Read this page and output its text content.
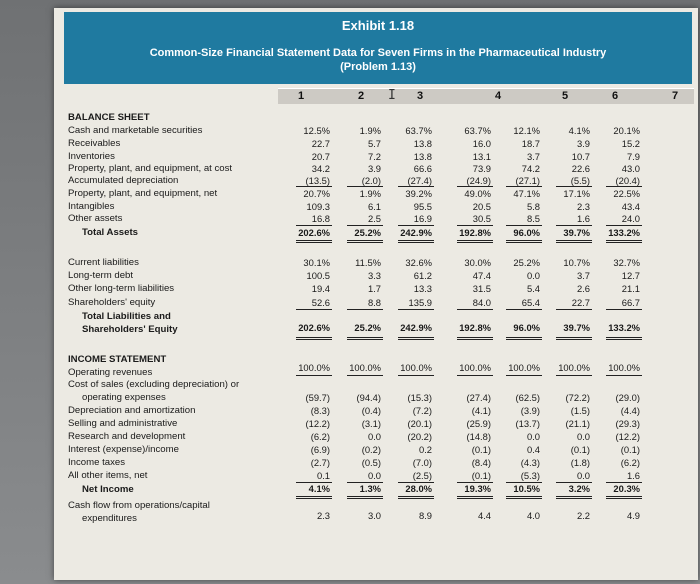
Exhibit 1.18
Common-Size Financial Statement Data for Seven Firms in the Pharmaceutical Industry
(Problem 1.13)
1	2	3	4	5	6	7
I
BALANCE SHEET
Cash and marketable securities	12.5%	1.9%	63.7%	63.7%	12.1%	4.1%	20.1%
Receivables	22.7	5.7	13.8	16.0	18.7	3.9	15.2
Inventories	20.7	7.2	13.8	13.1	3.7	10.7	7.9
Property, plant, and equipment, at cost	34.2	3.9	66.6	73.9	74.2	22.6	43.0
Accumulated depreciation	(13.5)	(2.0)	(27.4)	(24.9)	(27.1)	(5.5)	(20.4)
Property, plant, and equipment, net	20.7%	1.9%	39.2%	49.0%	47.1%	17.1%	22.5%
Intangibles	109.3	6.1	95.5	20.5	5.8	2.3	43.4
Other assets	16.8	2.5	16.9	30.5	8.5	1.6	24.0
Total Assets	202.6%	25.2%	242.9%	192.8%	96.0%	39.7%	133.2%
Current liabilities	30.1%	11.5%	32.6%	30.0%	25.2%	10.7%	32.7%
Long-term debt	100.5	3.3	61.2	47.4	0.0	3.7	12.7
Other long-term liabilities	19.4	1.7	13.3	31.5	5.4	2.6	21.1
Shareholders' equity	52.6	8.8	135.9	84.0	65.4	22.7	66.7
Total Liabilities and
Shareholders' Equity	202.6%	25.2%	242.9%	192.8%	96.0%	39.7%	133.2%
INCOME STATEMENT
Operating revenues	100.0%	100.0%	100.0%	100.0%	100.0%	100.0%	100.0%
Cost of sales (excluding depreciation) or
operating expenses	(59.7)	(94.4)	(15.3)	(27.4)	(62.5)	(72.2)	(29.0)
Depreciation and amortization	(8.3)	(0.4)	(7.2)	(4.1)	(3.9)	(1.5)	(4.4)
Selling and administrative	(12.2)	(3.1)	(20.1)	(25.9)	(13.7)	(21.1)	(29.3)
Research and development	(6.2)	0.0	(20.2)	(14.8)	0.0	0.0	(12.2)
Interest (expense)/income	(6.9)	(0.2)	0.2	(0.1)	0.4	(0.1)	(0.1)
Income taxes	(2.7)	(0.5)	(7.0)	(8.4)	(4.3)	(1.8)	(6.2)
All other items, net	0.1	0.0	(2.5)	(0.1)	(5.3)	0.0	1.6
Net Income	4.1%	1.3%	28.0%	19.3%	10.5%	3.2%	20.3%
Cash flow from operations/capital
expenditures	2.3	3.0	8.9	4.4	4.0	2.2	4.9
